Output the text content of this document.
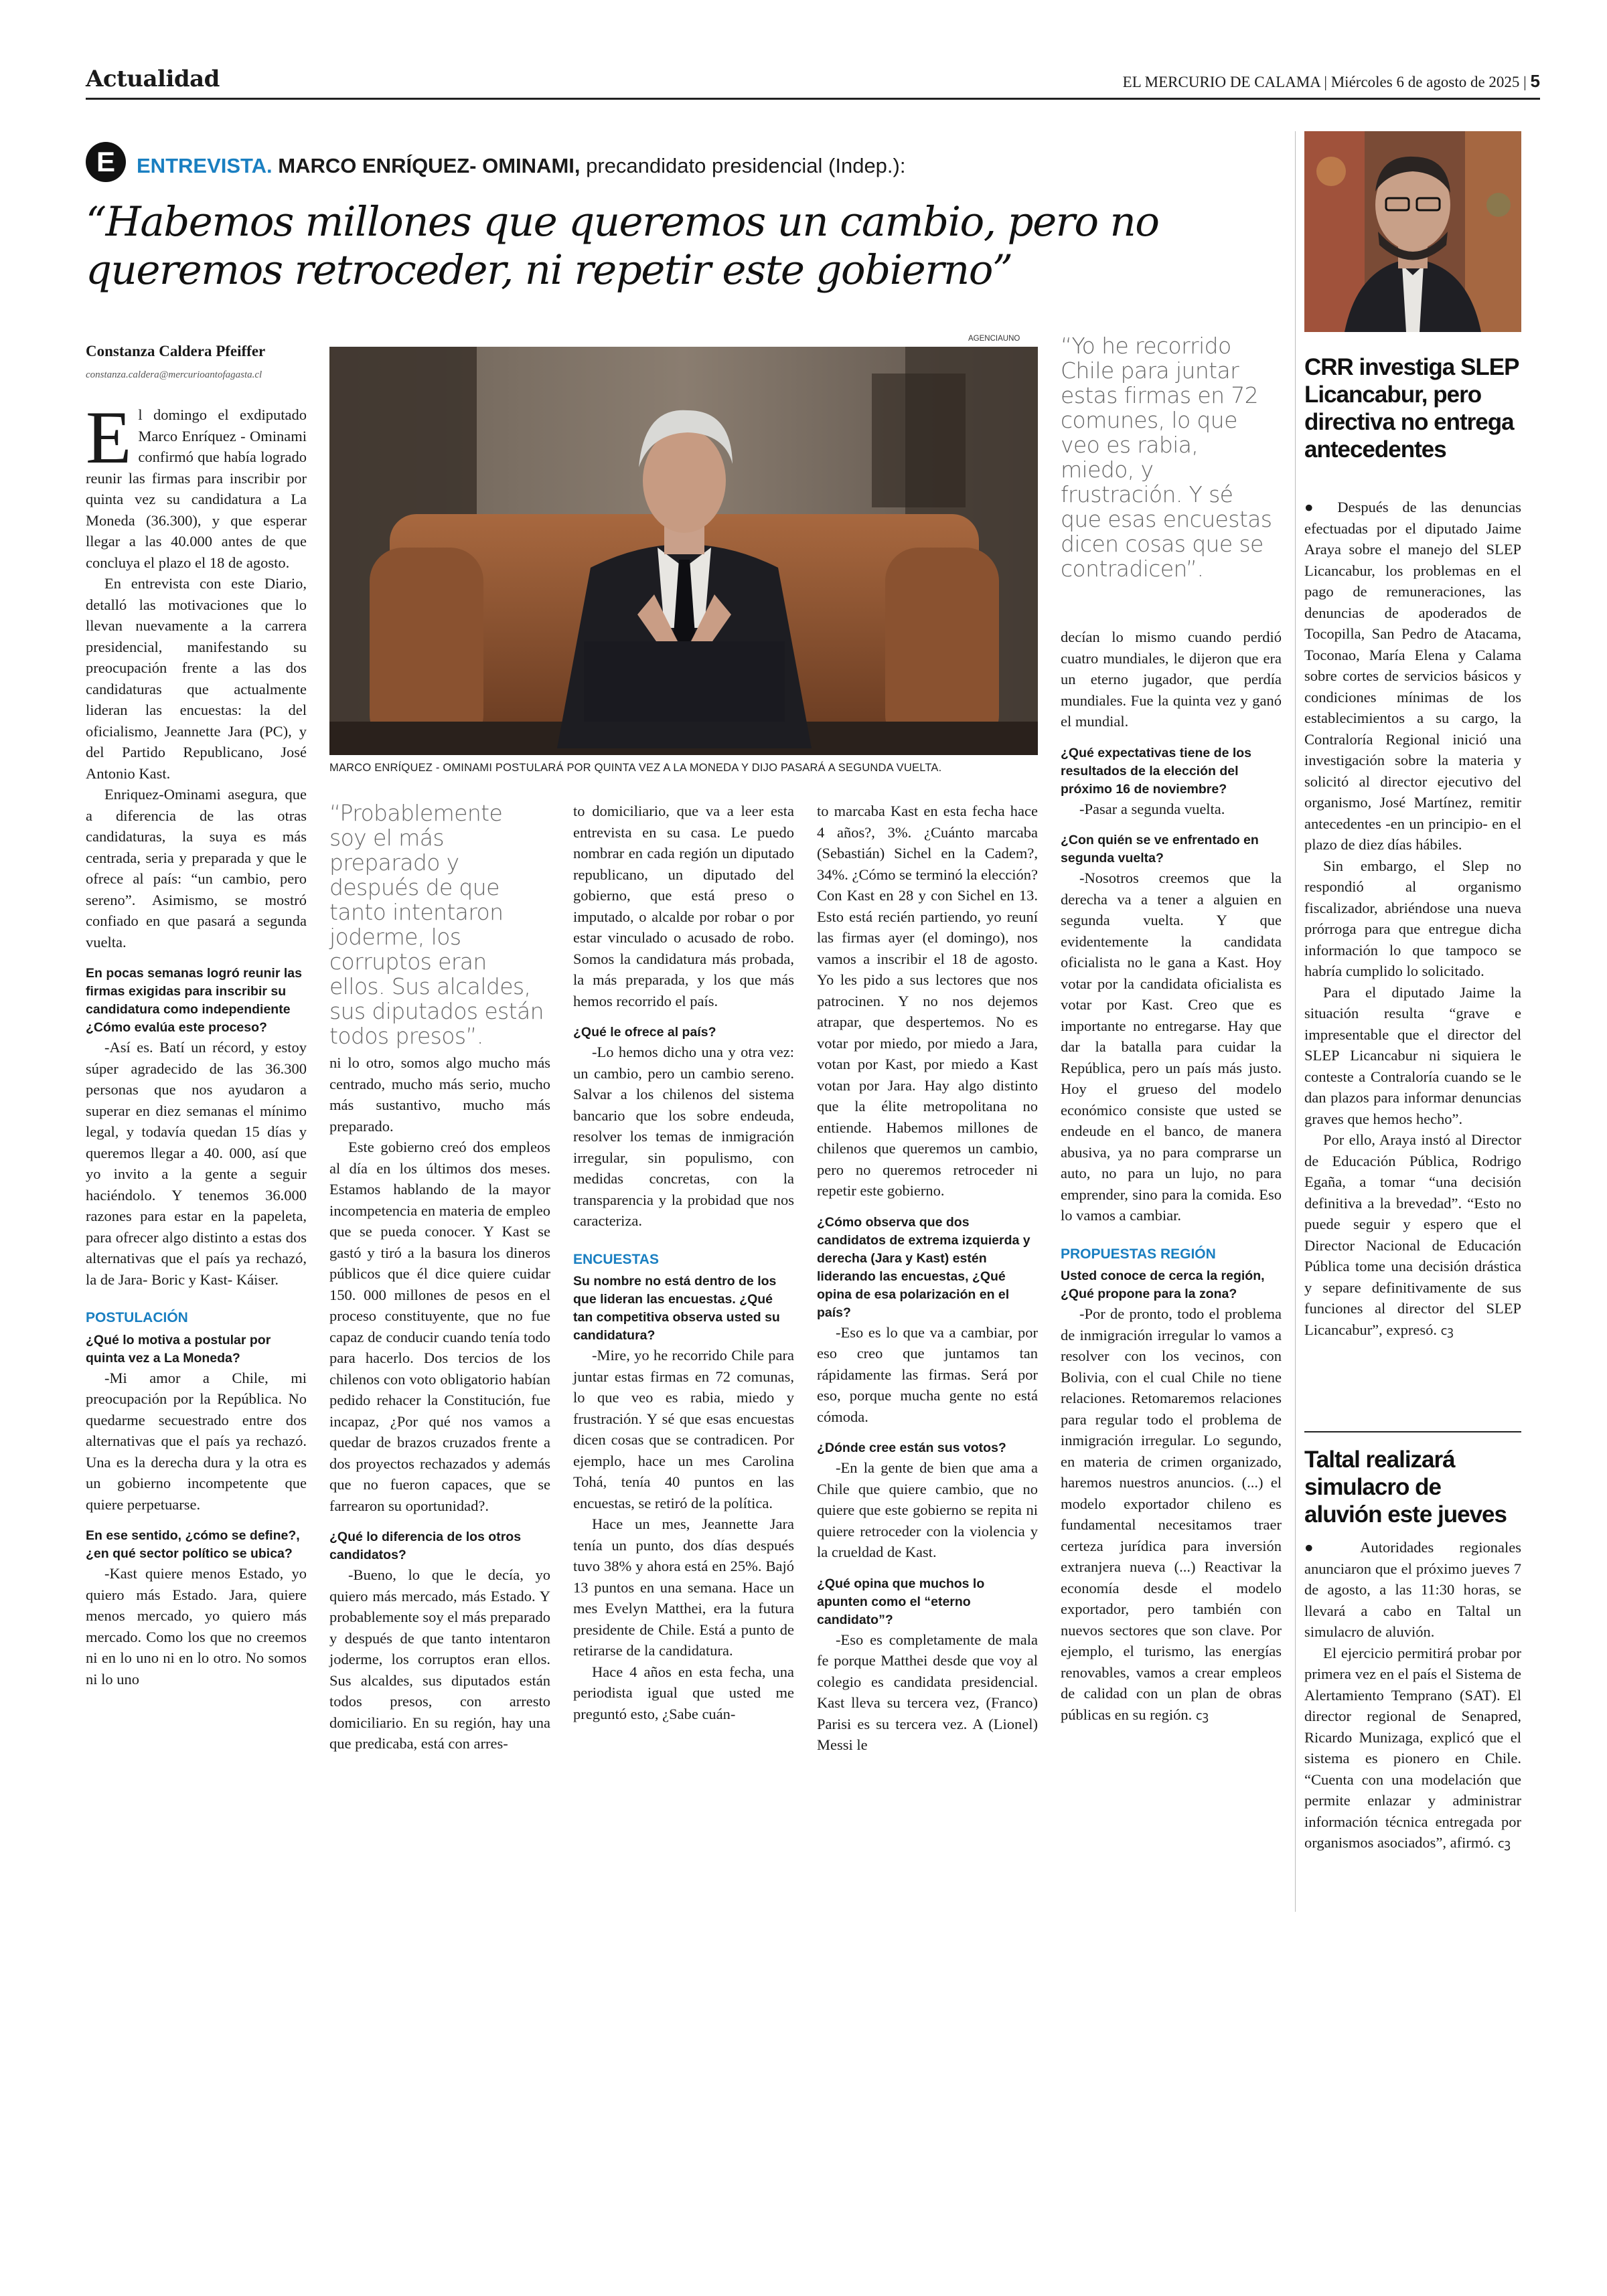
Actualidad	EL MERCURIO DE CALAMA | Miércoles 6 de agosto de 2025 | 5
E	ENTREVISTA. MARCO ENRÍQUEZ- OMINAMI, precandidato presidencial (Indep.):
“Habemos millones que queremos un cambio, pero no queremos retroceder, ni repetir este gobierno”
Constanza Caldera Pfeiffer
constanza.caldera@mercurioantofagasta.cl
AGENCIAUNO
MARCO ENRÍQUEZ - OMINAMI POSTULARÁ POR QUINTA VEZ A LA MONEDA Y DIJO PASARÁ A SEGUNDA VUELTA.

El domingo el exdiputado Marco Enríquez - Ominami confirmó que había logrado reunir las firmas para inscribir por quinta vez su candidatura a La Moneda (36.300), y que esperar llegar a las 40.000 antes de que concluya el plazo el 18 de agosto.

En entrevista con este Diario, detalló las motivaciones que lo llevan nuevamente a la carrera presidencial, manifestando su preocupación frente a las dos candidaturas que actualmente lideran las encuestas: la del oficialismo, Jeannette Jara (PC), y del Partido Republicano, José Antonio Kast.

Enriquez-Ominami asegura, que a diferencia de las otras candidaturas, la suya es más centrada, seria y preparada y que le ofrece al país: “un cambio, pero sereno”. Asimismo, se mostró confiado en que pasará a segunda vuelta.

En pocas semanas logró reunir las firmas exigidas para inscribir su candidatura como independiente ¿Cómo evalúa este proceso?

-Así es. Batí un récord, y estoy súper agradecido de las 36.300 personas que nos ayudaron a superar en diez semanas el mínimo legal, y todavía quedan 15 días y queremos llegar a 40. 000, así que yo invito a la gente a seguir haciéndolo. Y tenemos 36.000 razones para estar en la papeleta, para ofrecer algo distinto a estas dos alternativas que el país ya rechazó, la de Jara- Boric y Kast- Káiser.

POSTULACIÓN

¿Qué lo motiva a postular por quinta vez a La Moneda?

-Mi amor a Chile, mi preocupación por la República. No quedarme secuestrado entre dos alternativas que el país ya rechazó. Una es la derecha dura y la otra es un gobierno incompetente que quiere perpetuarse.

En ese sentido, ¿cómo se define?, ¿en qué sector político se ubica?

-Kast quiere menos Estado, yo quiero más Estado. Jara, quiere menos mercado, yo quiero más mercado. Como los que no creemos ni en lo uno ni en lo otro. No somos ni lo uno

“Probablemente soy el más preparado y después de que tanto intentaron joderme, los corruptos eran ellos. Sus alcaldes, sus diputados están todos presos”.

ni lo otro, somos algo mucho más centrado, mucho más serio, mucho más sustantivo, mucho más preparado.

Este gobierno creó dos empleos al día en los últimos dos meses. Estamos hablando de la mayor incompetencia en materia de empleo que se pueda conocer. Y Kast se gastó y tiró a la basura los dineros públicos que él dice quiere cuidar 150. 000 millones de pesos en el proceso constituyente, que no fue capaz de conducir cuando tenía todo para hacerlo. Dos tercios de los chilenos con voto obligatorio habían pedido rehacer la Constitución, fue incapaz, ¿Por qué nos vamos a quedar de brazos cruzados frente a dos proyectos rechazados y además que no fueron capaces, que se farrearon su oportunidad?.

¿Qué lo diferencia de los otros candidatos?

-Bueno, lo que le decía, yo quiero más mercado, más Estado. Y probablemente soy el más preparado y después de que tanto intentaron joderme, los corruptos eran ellos. Sus alcaldes, sus diputados están todos presos, con arresto domiciliario. En su región, hay una que predicaba, está con arres-

to domiciliario, que va a leer esta entrevista en su casa. Le puedo nombrar en cada región un diputado republicano, un diputado del gobierno, que está preso o imputado, o alcalde por robar o por estar vinculado o acusado de robo. Somos la candidatura más probada, la más preparada, y los que más hemos recorrido el país.

¿Qué le ofrece al país?

-Lo hemos dicho una y otra vez: un cambio, pero un cambio sereno. Salvar a los chilenos del sistema bancario que los sobre endeuda, resolver los temas de inmigración irregular, sin populismo, con medidas concretas, con la transparencia y la probidad que nos caracteriza.

ENCUESTAS

Su nombre no está dentro de los que lideran las encuestas. ¿Qué tan competitiva observa usted su candidatura?

-Mire, yo he recorrido Chile para juntar estas firmas en 72 comunas, lo que veo es rabia, miedo y frustración. Y sé que esas encuestas dicen cosas que se contradicen. Por ejemplo, hace un mes Carolina Tohá, tenía 40 puntos en las encuestas, se retiró de la política.

Hace un mes, Jeannette Jara tenía un punto, dos días después tuvo 38% y ahora está en 25%. Bajó 13 puntos en una semana. Hace un mes Evelyn Matthei, era la futura presidente de Chile. Está a punto de retirarse de la candidatura.

Hace 4 años en esta fecha, una periodista igual que usted me preguntó esto, ¿Sabe cuán-

to marcaba Kast en esta fecha hace 4 años?, 3%. ¿Cuánto marcaba (Sebastián) Sichel en la Cadem?, 34%. ¿Cómo se terminó la elección? Con Kast en 28 y con Sichel en 13. Esto está recién partiendo, yo reuní las firmas ayer (el domingo), nos vamos a inscribir el 18 de agosto. Yo les pido a sus lectores que nos patrocinen. Y no nos dejemos atrapar, que despertemos. No es votar por miedo, por miedo a Jara, votan por Kast, por miedo a Kast votan por Jara. Hay algo distinto que la élite metropolitana no entiende. Habemos millones de chilenos que queremos un cambio, pero no queremos retroceder ni repetir este gobierno.

¿Cómo observa que dos candidatos de extrema izquierda y derecha (Jara y Kast) estén liderando las encuestas, ¿Qué opina de esa polarización en el país?

-Eso es lo que va a cambiar, por eso creo que juntamos tan rápidamente las firmas. Será por eso, porque mucha gente no está cómoda.

¿Dónde cree están sus votos?

-En la gente de bien que ama a Chile que quiere cambio, que no quiere que este gobierno se repita ni quiere retroceder con la violencia y la crueldad de Kast.

¿Qué opina que muchos lo apunten como el “eterno candidato”?

-Eso es completamente de mala fe porque Matthei desde que voy al colegio es candidata presidencial. Kast lleva su tercera vez, (Franco) Parisi es su tercera vez. A (Lionel) Messi le

“Yo he recorrido Chile para juntar estas firmas en 72 comunes, lo que veo es rabia, miedo, y frustración. Y sé que esas encuestas dicen cosas que se contradicen”.

decían lo mismo cuando perdió cuatro mundiales, le dijeron que era un eterno jugador, que perdía mundiales. Fue la quinta vez y ganó el mundial.

¿Qué expectativas tiene de los resultados de la elección del próximo 16 de noviembre?

-Pasar a segunda vuelta.

¿Con quién se ve enfrentado en segunda vuelta?

-Nosotros creemos que la derecha va a tener a alguien en segunda vuelta. Y que evidentemente la candidata oficialista no le gana a Kast. Hoy votar por la candidata oficialista es votar por Kast. Creo que es importante no entregarse. Hay que dar la batalla para cuidar la República, pero un país más justo. Hoy el grueso del modelo económico consiste que usted se endeude en el banco, de manera abusiva, ya no para comprarse un auto, no para un lujo, no para emprender, sino para la comida. Eso lo vamos a cambiar.

PROPUESTAS REGIÓN

Usted conoce de cerca la región, ¿Qué propone para la zona?

-Por de pronto, todo el problema de inmigración irregular lo vamos a resolver con los vecinos, con Bolivia, con el cual Chile no tiene relaciones. Retomaremos relaciones para regular todo el problema de inmigración irregular. Lo segundo, en materia de crimen organizado, haremos nuestros anuncios. (...) el modelo exportador chileno es fundamental necesitamos traer certeza jurídica para inversión extranjera nueva (...) Reactivar la economía desde el modelo exportador, pero también con nuevos sectores que son clave. Por ejemplo, el turismo, las energías renovables, vamos a crear empleos de calidad con un plan de obras públicas en su región. ᴄꝫ

CRR investiga SLEP Licancabur, pero directiva no entrega antecedentes

● Después de las denuncias efectuadas por el diputado Jaime Araya sobre el manejo del SLEP Licancabur, los problemas en el pago de remuneraciones, las denuncias de apoderados de Tocopilla, San Pedro de Atacama, Toconao, María Elena y Calama sobre cortes de servicios básicos y condiciones mínimas de los establecimientos a su cargo, la Contraloría Regional inició una investigación sobre la materia y solicitó al director ejecutivo del organismo, José Martínez, remitir antecedentes -en un principio- en el plazo de diez días hábiles.

Sin embargo, el Slep no respondió al organismo fiscalizador, abriéndose una nueva prórroga para que entregue dicha información lo que tampoco se habría cumplido lo solicitado.

Para el diputado Jaime la situación resulta “grave e impresentable que el director del SLEP Licancabur ni siquiera le conteste a Contraloría cuando se le dan plazos para informar denuncias graves que hemos hecho”.

Por ello, Araya instó al Director de Educación Pública, Rodrigo Egaña, a tomar “una decisión definitiva a la brevedad”. “Esto no puede seguir y espero que el Director Nacional de Educación Pública tome una decisión drástica y separe definitivamente de sus funciones al director del SLEP Licancabur”, expresó. ᴄꝫ

Taltal realizará simulacro de aluvión este jueves

● Autoridades regionales anunciaron que el próximo jueves 7 de agosto, a las 11:30 horas, se llevará a cabo en Taltal un simulacro de aluvión.

El ejercicio permitirá probar por primera vez en el país el Sistema de Alertamiento Temprano (SAT). El director regional de Senapred, Ricardo Munizaga, explicó que el sistema es pionero en Chile. “Cuenta con una modelación que permite enlazar y administrar información técnica entregada por organismos asociados”, afirmó. ᴄꝫ
